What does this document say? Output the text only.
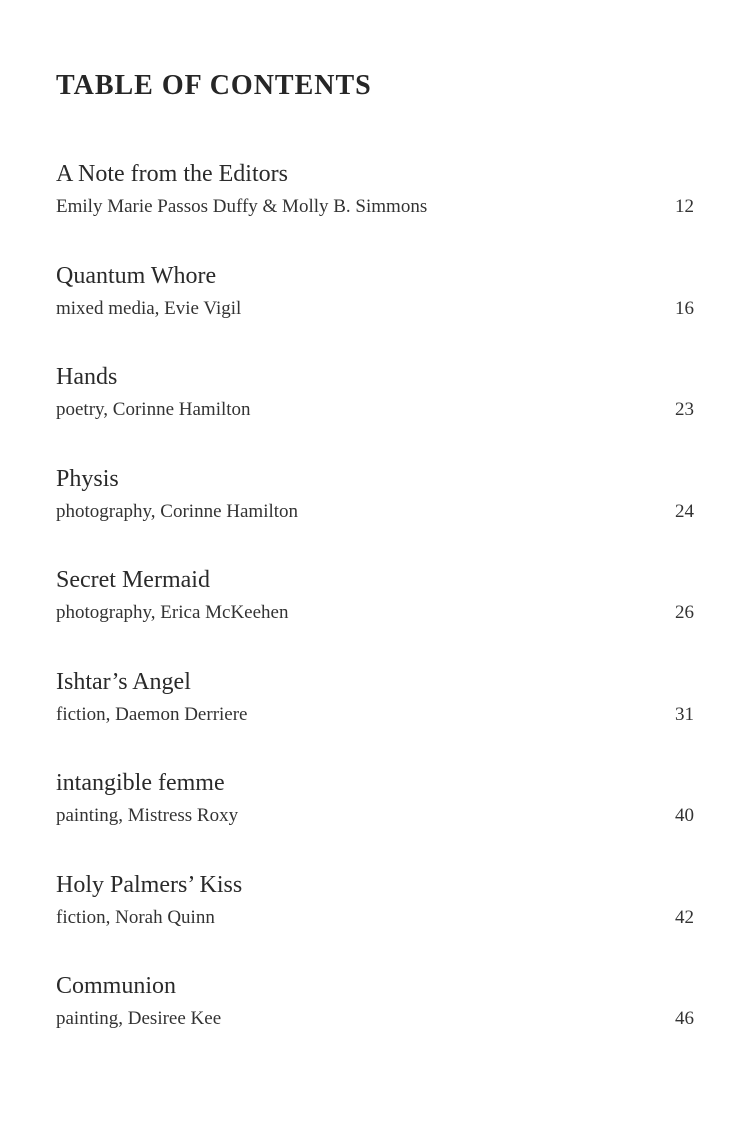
TABLE OF CONTENTS
A Note from the Editors
Emily Marie Passos Duffy & Molly B. Simmons	12
Quantum Whore
mixed media, Evie Vigil	16
Hands
poetry, Corinne Hamilton	23
Physis
photography, Corinne Hamilton	24
Secret Mermaid
photography, Erica McKeehen	26
Ishtar’s Angel
fiction, Daemon Derriere	31
intangible femme
painting, Mistress Roxy	40
Holy Palmers’ Kiss
fiction, Norah Quinn	42
Communion
painting, Desiree Kee	46
